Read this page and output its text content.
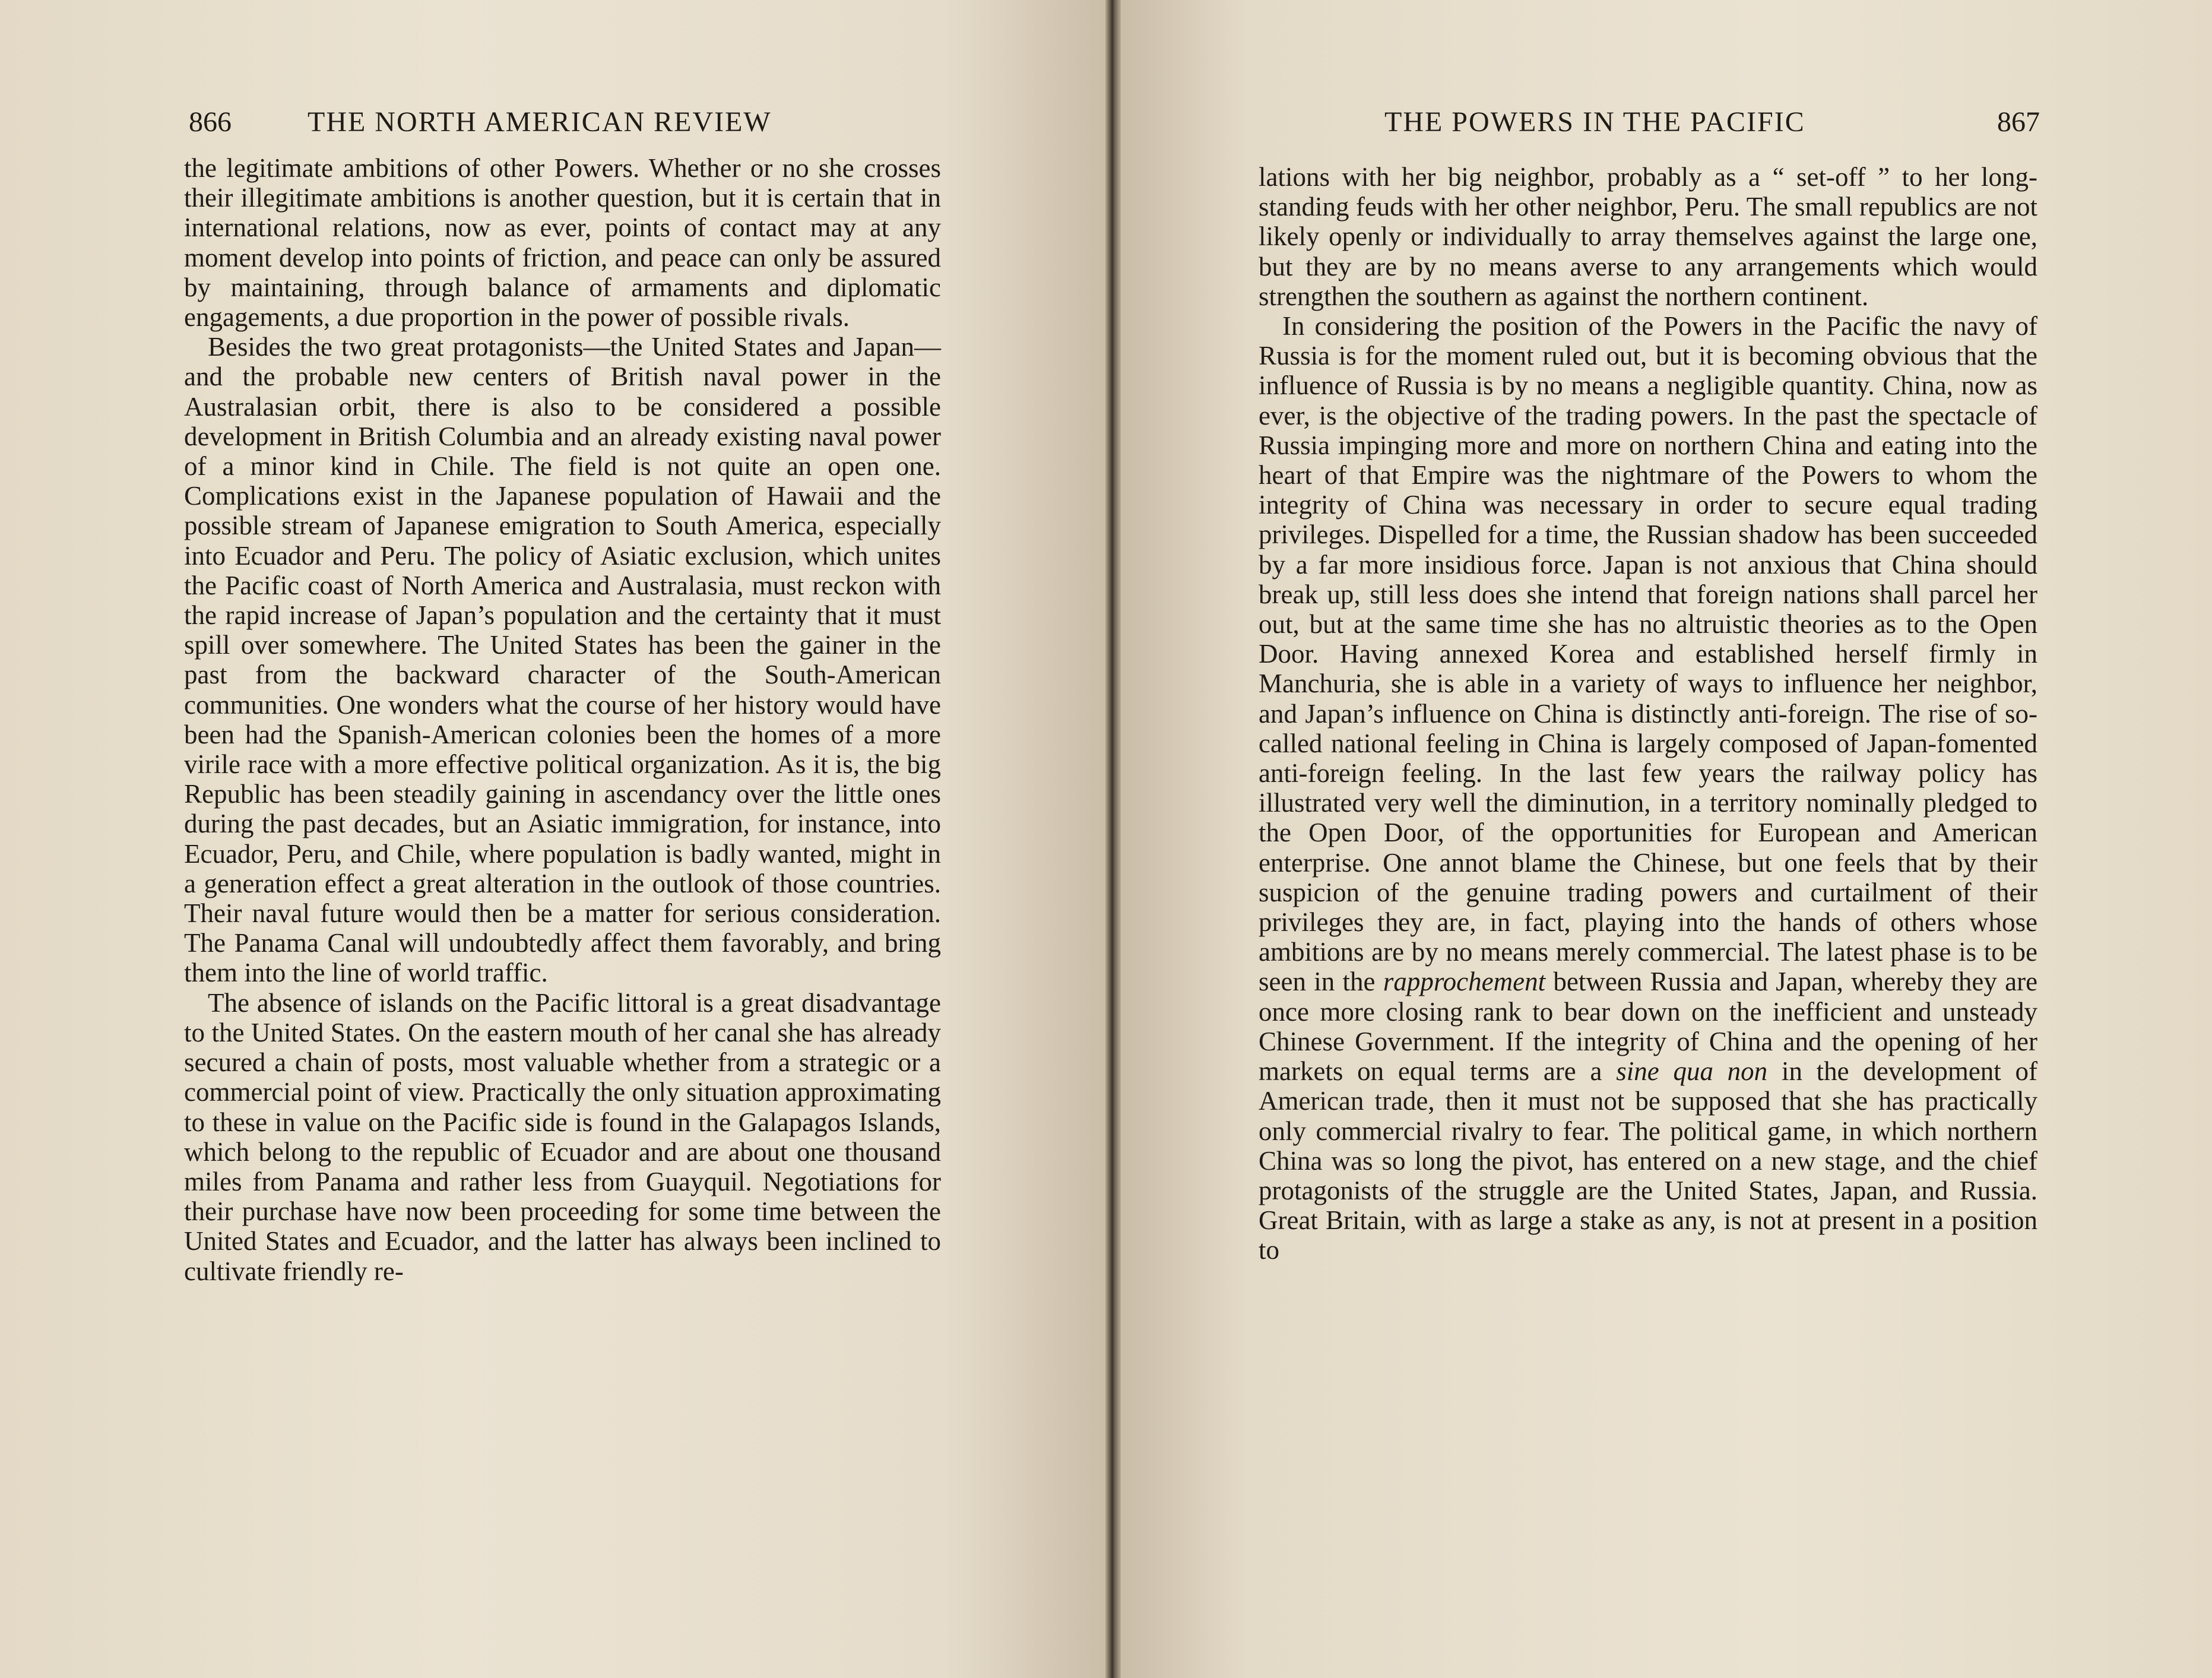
866	THE NORTH AMERICAN REVIEW	THE POWERS IN THE PACIFIC	867

the legitimate ambitions of other Powers. Whether or no she crosses their illegitimate ambitions is another question, but it is certain that in international relations, now as ever, points of contact may at any moment develop into points of friction, and peace can only be assured by maintaining, through balance of armaments and diplomatic engagements, a due proportion in the power of possible rivals.

Besides the two great protagonists—the United States and Japan—and the probable new centers of British naval power in the Australasian orbit, there is also to be considered a possible development in British Columbia and an already existing naval power of a minor kind in Chile. The field is not quite an open one. Complications exist in the Japanese population of Hawaii and the possible stream of Japanese emigration to South America, especially into Ecuador and Peru. The policy of Asiatic exclusion, which unites the Pacific coast of North America and Australasia, must reckon with the rapid increase of Japan’s population and the certainty that it must spill over somewhere. The United States has been the gainer in the past from the backward character of the South-American communities. One wonders what the course of her history would have been had the Spanish-American colonies been the homes of a more virile race with a more effective political organization. As it is, the big Republic has been steadily gaining in ascendancy over the little ones during the past decades, but an Asiatic immigration, for instance, into Ecuador, Peru, and Chile, where population is badly wanted, might in a generation effect a great alteration in the outlook of those countries. Their naval future would then be a matter for serious consideration. The Panama Canal will undoubtedly affect them favorably, and bring them into the line of world traffic.

The absence of islands on the Pacific littoral is a great disadvantage to the United States. On the eastern mouth of her canal she has already secured a chain of posts, most valuable whether from a strategic or a commercial point of view. Practically the only situation approximating to these in value on the Pacific side is found in the Galapagos Islands, which belong to the republic of Ecuador and are about one thousand miles from Panama and rather less from Guayquil. Negotiations for their purchase have now been proceeding for some time between the United States and Ecuador, and the latter has always been inclined to cultivate friendly re-

lations with her big neighbor, probably as a “ set-off ” to her long-standing feuds with her other neighbor, Peru. The small republics are not likely openly or individually to array themselves against the large one, but they are by no means averse to any arrangements which would strengthen the southern as against the northern continent.

In considering the position of the Powers in the Pacific the navy of Russia is for the moment ruled out, but it is becoming obvious that the influence of Russia is by no means a negligible quantity. China, now as ever, is the objective of the trading powers. In the past the spectacle of Russia impinging more and more on northern China and eating into the heart of that Empire was the nightmare of the Powers to whom the integrity of China was necessary in order to secure equal trading privileges. Dispelled for a time, the Russian shadow has been succeeded by a far more insidious force. Japan is not anxious that China should break up, still less does she intend that foreign nations shall parcel her out, but at the same time she has no altruistic theories as to the Open Door. Having annexed Korea and established herself firmly in Manchuria, she is able in a variety of ways to influence her neighbor, and Japan’s influence on China is distinctly anti-foreign. The rise of so-called national feeling in China is largely composed of Japan-fomented anti-foreign feeling. In the last few years the railway policy has illustrated very well the diminution, in a territory nominally pledged to the Open Door, of the opportunities for European and American enterprise. One annot blame the Chinese, but one feels that by their suspicion of the genuine trading powers and curtailment of their privileges they are, in fact, playing into the hands of others whose ambitions are by no means merely commercial. The latest phase is to be seen in the rapprochement between Russia and Japan, whereby they are once more closing rank to bear down on the inefficient and unsteady Chinese Government. If the integrity of China and the opening of her markets on equal terms are a sine qua non in the development of American trade, then it must not be supposed that she has practically only commercial rivalry to fear. The political game, in which northern China was so long the pivot, has entered on a new stage, and the chief protagonists of the struggle are the United States, Japan, and Russia. Great Britain, with as large a stake as any, is not at present in a position to
